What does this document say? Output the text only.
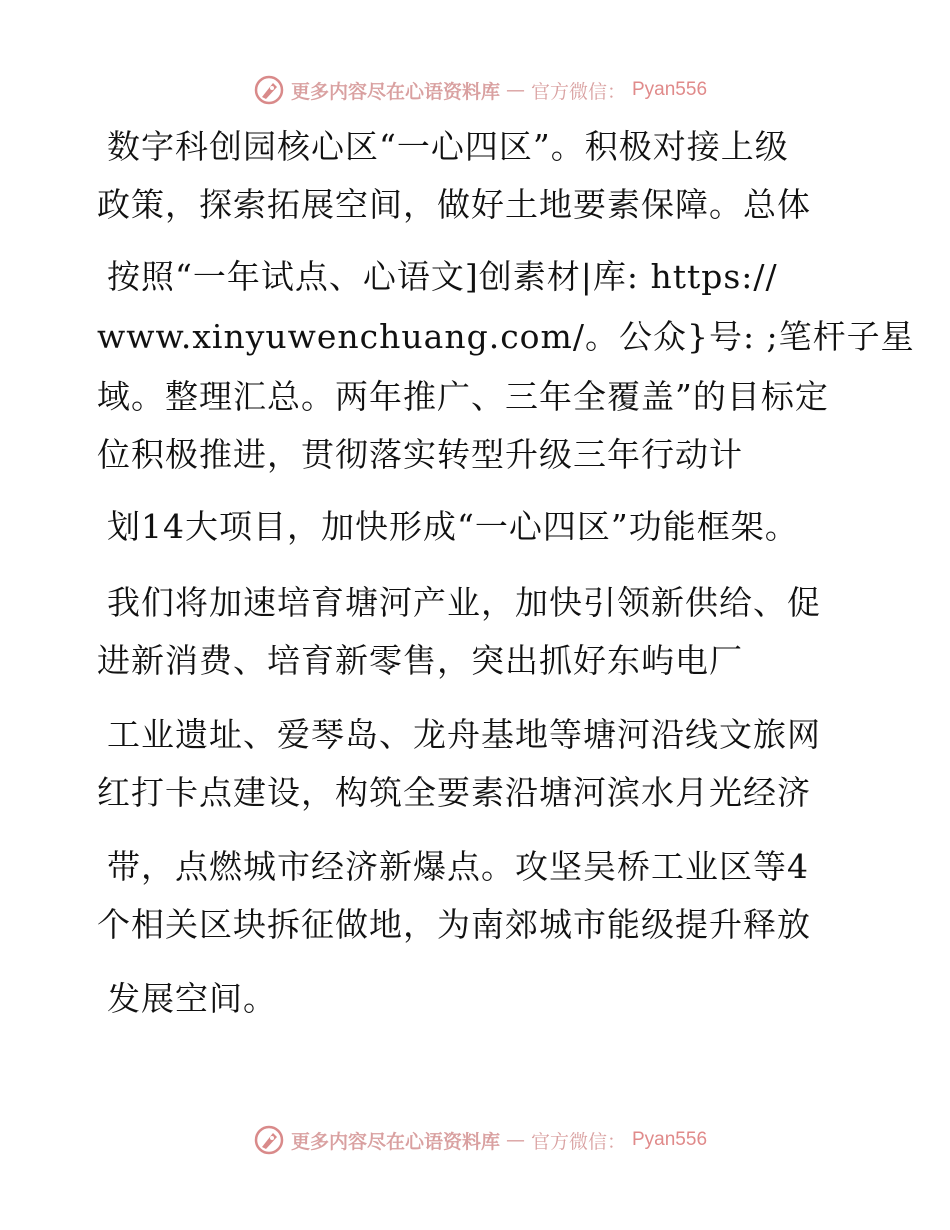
更多内容尽在心语资料库 — 官方微信： Pyan556
数字科创园核心区“一心四区”。积极对接上级
政策，探索拓展空间，做好土地要素保障。总体
按照“一年试点、心语文]创素材|库: https://
www.xinyuwenchuang.com/。公众}号: ;笔杆子星
域。整理汇总。两年推广、三年全覆盖”的目标定
位积极推进，贯彻落实转型升级三年行动计
划14大项目，加快形成“一心四区”功能框架。
我们将加速培育塘河产业，加快引领新供给、促
进新消费、培育新零售，突出抓好东屿电厂
工业遗址、爱琴岛、龙舟基地等塘河沿线文旅网
红打卡点建设，构筑全要素沿塘河滨水月光经济
带，点燃城市经济新爆点。攻坚吴桥工业区等4
个相关区块拆征做地，为南郊城市能级提升释放
发展空间。
更多内容尽在心语资料库 — 官方微信： Pyan556
